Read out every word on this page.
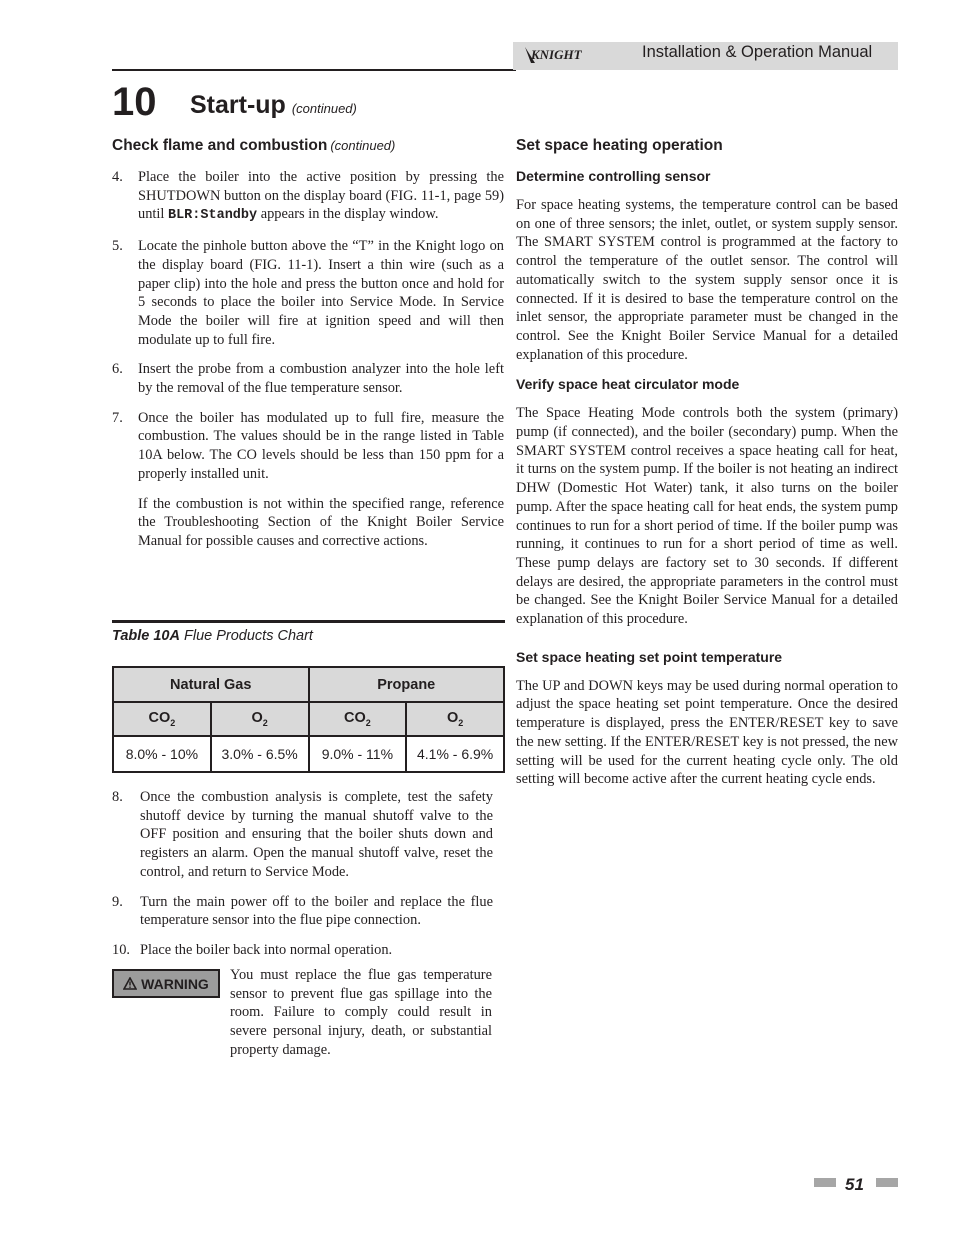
KNIGHT	Installation & Operation Manual
10 Start-up (continued)

Check flame and combustion (continued)

4. Place the boiler into the active position by pressing the SHUTDOWN button on the display board (FIG. 11-1, page 59) until BLR:Standby appears in the display window.
5. Locate the pinhole button above the “T” in the Knight logo on the display board (FIG. 11-1). Insert a thin wire (such as a paper clip) into the hole and press the button once and hold for 5 seconds to place the boiler into Service Mode. In Service Mode the boiler will fire at ignition speed and will then modulate up to full fire.
6. Insert the probe from a combustion analyzer into the hole left by the removal of the flue temperature sensor.
7. Once the boiler has modulated up to full fire, measure the combustion. The values should be in the range listed in Table 10A below. The CO levels should be less than 150 ppm for a properly installed unit.
If the combustion is not within the specified range, reference the Troubleshooting Section of the Knight Boiler Service Manual for possible causes and corrective actions.
Table 10A Flue Products Chart
Natural Gas		Propane	
$CO_2$	$O_2$	$CO_2$	$O_2$
8.0% - 10%	3.0% - 6.5%	9.0% - 11%	4.1% - 6.9%
8. Once the combustion analysis is complete, test the safety shutoff device by turning the manual shutoff valve to the OFF position and ensuring that the boiler shuts down and registers an alarm. Open the manual shutoff valve, reset the control, and return to Service Mode.
9. Turn the main power off to the boiler and replace the flue temperature sensor into the flue pipe connection.
10. Place the boiler back into normal operation.
WARNING
You must replace the flue gas temperature sensor to prevent flue gas spillage into the room. Failure to comply could result in severe personal injury, death, or substantial property damage.

Set space heating operation

Determine controlling sensor

For space heating systems, the temperature control can be based on one of three sensors; the inlet, outlet, or system supply sensor. The SMART SYSTEM control is programmed at the factory to control the temperature of the outlet sensor. The control will automatically switch to the system supply sensor once it is connected. If it is desired to base the temperature control on the inlet sensor, the appropriate parameter must be changed in the control. See the Knight Boiler Service Manual for a detailed explanation of this procedure.

Verify space heat circulator mode

The Space Heating Mode controls both the system (primary) pump (if connected), and the boiler (secondary) pump. When the SMART SYSTEM control receives a space heating call for heat, it turns on the system pump. If the boiler is not heating an indirect DHW (Domestic Hot Water) tank, it also turns on the boiler pump. After the space heating call for heat ends, the system pump continues to run for a short period of time. If the boiler pump was running, it continues to run for a short period of time as well. These pump delays are factory set to 30 seconds. If different delays are desired, the appropriate parameters in the control must be changed. See the Knight Boiler Service Manual for a detailed explanation of this procedure.

Set space heating set point temperature

The UP and DOWN keys may be used during normal operation to adjust the space heating set point temperature. Once the desired temperature is displayed, press the ENTER/RESET key to save the new setting. If the ENTER/RESET key is not pressed, the new setting will be used for the current heating cycle only. The old setting will become active after the current heating cycle ends.

51
